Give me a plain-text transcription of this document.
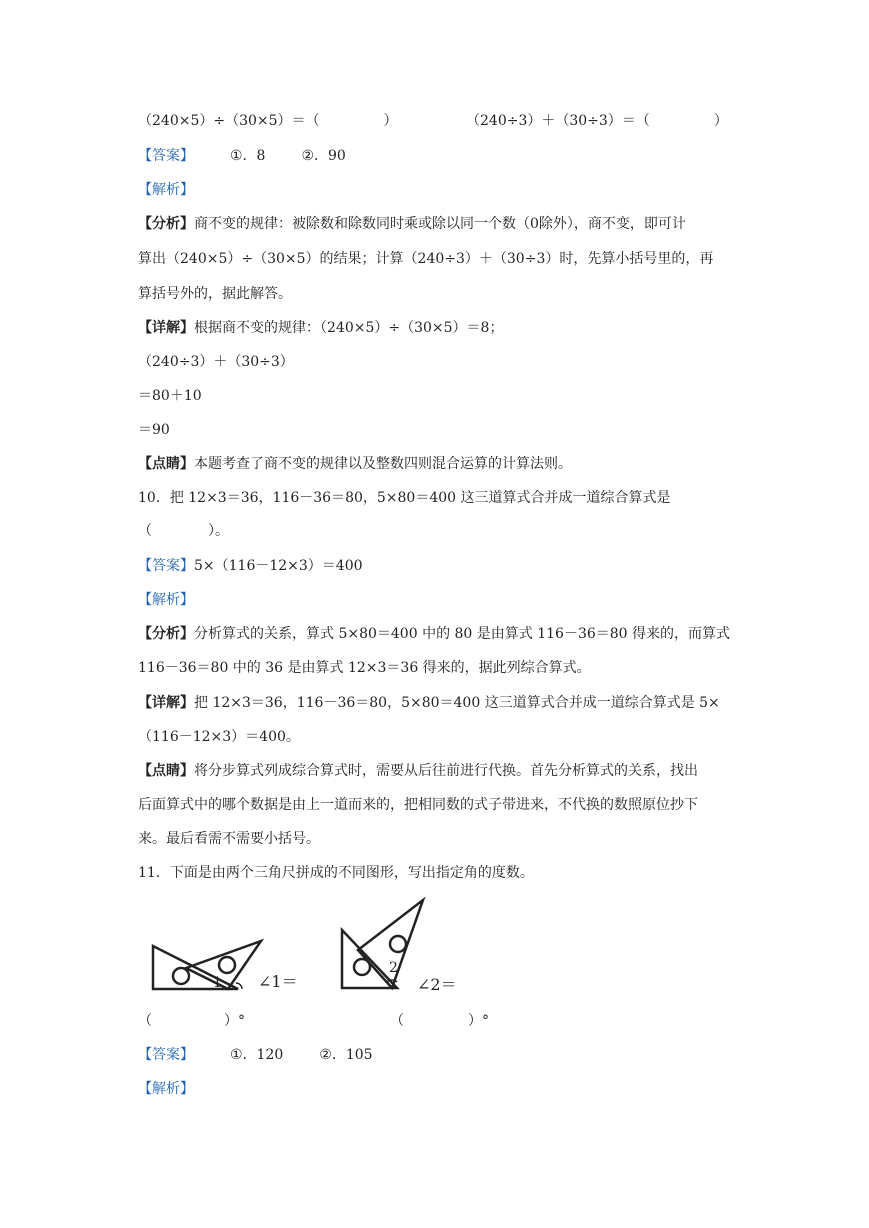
（240×5）÷（30×5）＝（	）	（240÷3）＋（30÷3）＝（	）
【答案】	①．8	②．90
【解析】
【分析】商不变的规律：被除数和除数同时乘或除以同一个数（0除外），商不变，即可计
算出（240×5）÷（30×5）的结果；计算（240÷3）＋（30÷3）时，先算小括号里的，再
算括号外的，据此解答。
【详解】根据商不变的规律：（240×5）÷（30×5）＝8；
（240÷3）＋（30÷3）
＝80＋10
＝90
【点睛】本题考查了商不变的规律以及整数四则混合运算的计算法则。
10．把 12×3＝36，116－36＝80，5×80＝400 这三道算式合并成一道综合算式是
（	）。
【答案】5×（116－12×3）＝400
【解析】
【分析】分析算式的关系，算式 5×80＝400 中的 80 是由算式 116－36＝80 得来的，而算式
116－36＝80 中的 36 是由算式 12×3＝36 得来的，据此列综合算式。
【详解】把 12×3＝36，116－36＝80，5×80＝400 这三道算式合并成一道综合算式是 5×
（116－12×3）＝400。
【点睛】将分步算式列成综合算式时，需要从后往前进行代换。首先分析算式的关系，找出
后面算式中的哪个数据是由上一道而来的，把相同数的式子带进来，不代换的数照原位抄下
来。最后看需不需要小括号。
11．下面是由两个三角尺拼成的不同图形，写出指定角的度数。
1 ∠1＝
2
∠2＝
（	）°	（	）°
【答案】	①．120	②．105
【解析】
